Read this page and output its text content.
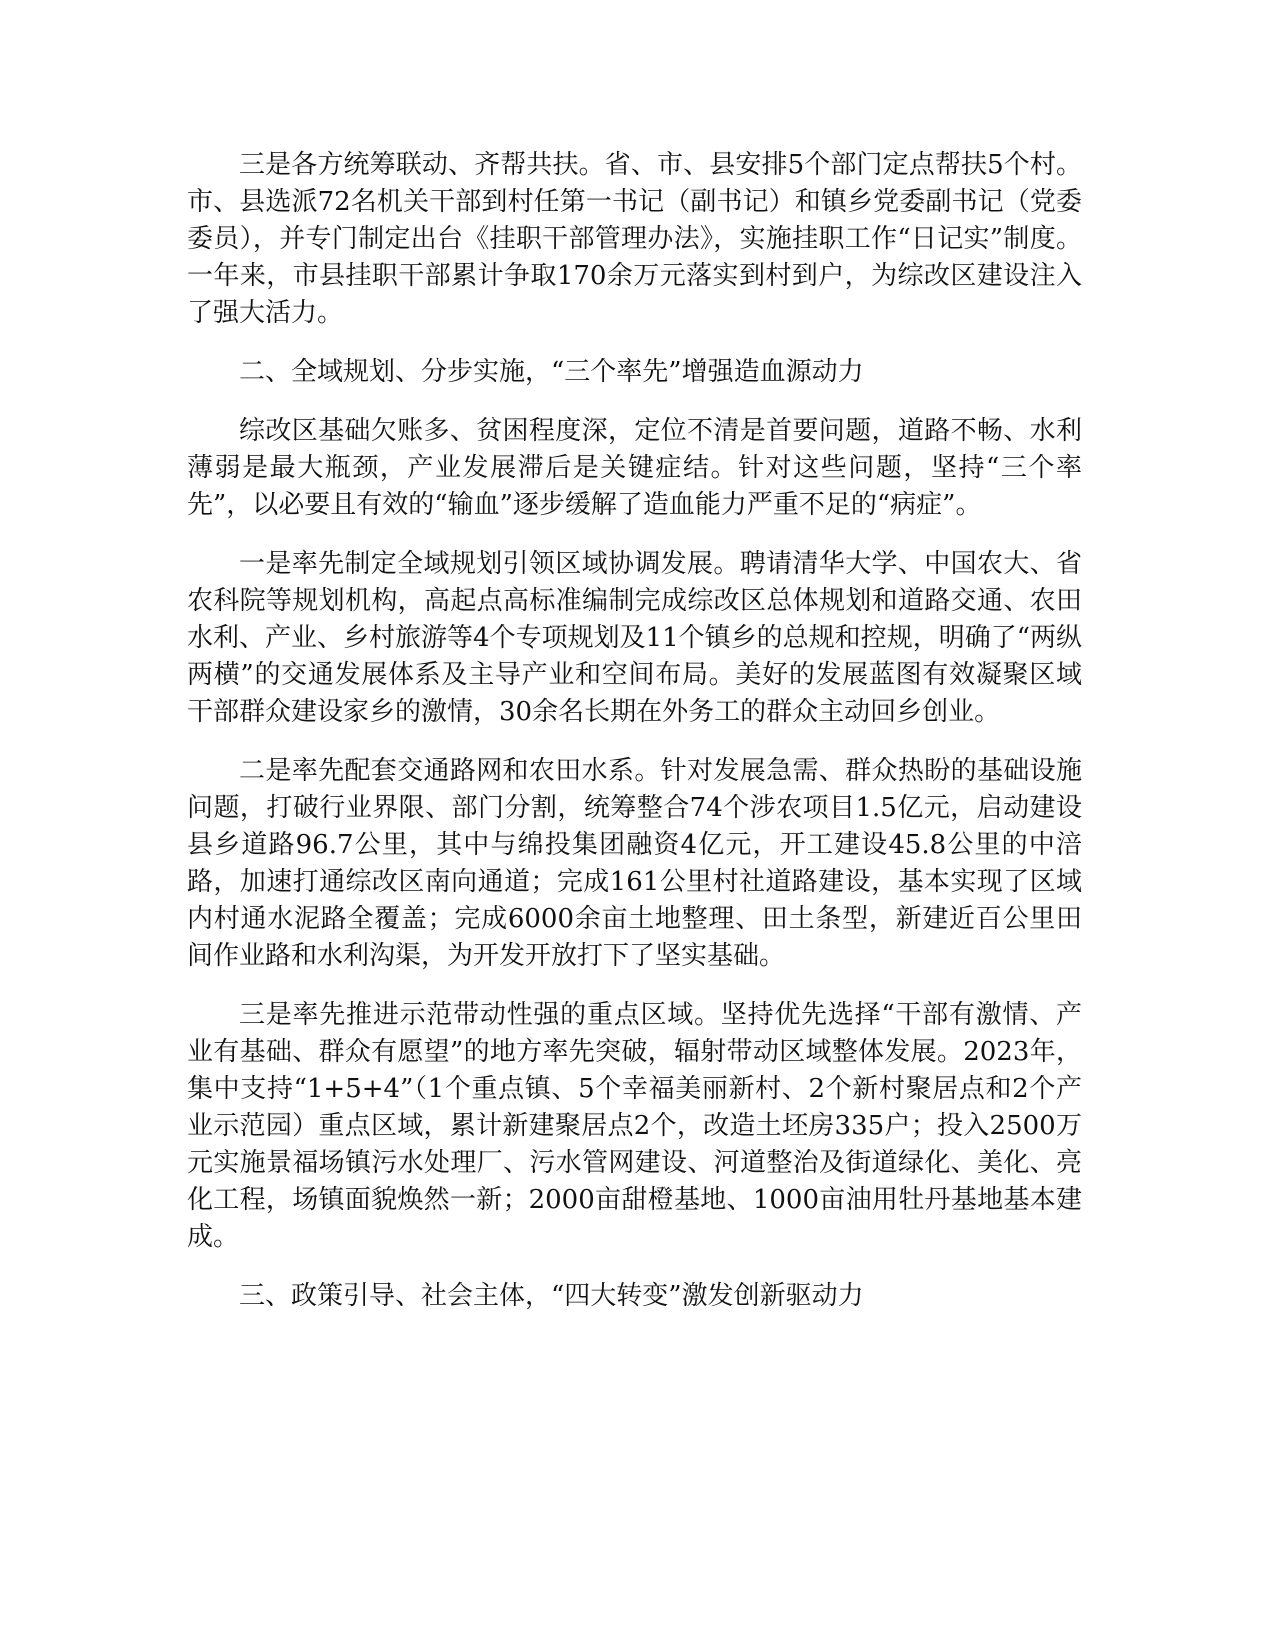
三是各方统筹联动、齐帮共扶。省、市、县安排5个部门定点帮扶5个村。市、县选派72名机关干部到村任第一书记（副书记）和镇乡党委副书记（党委委员），并专门制定出台《挂职干部管理办法》，实施挂职工作“日记实”制度。一年来，市县挂职干部累计争取170余万元落实到村到户，为综改区建设注入了强大活力。

二、全域规划、分步实施，“三个率先”增强造血源动力

综改区基础欠账多、贫困程度深，定位不清是首要问题，道路不畅、水利薄弱是最大瓶颈，产业发展滞后是关键症结。针对这些问题，坚持“三个率先”，以必要且有效的“输血”逐步缓解了造血能力严重不足的“病症”。

一是率先制定全域规划引领区域协调发展。聘请清华大学、中国农大、省农科院等规划机构，高起点高标准编制完成综改区总体规划和道路交通、农田水利、产业、乡村旅游等4个专项规划及11个镇乡的总规和控规，明确了“两纵两横”的交通发展体系及主导产业和空间布局。美好的发展蓝图有效凝聚区域干部群众建设家乡的激情，30余名长期在外务工的群众主动回乡创业。

二是率先配套交通路网和农田水系。针对发展急需、群众热盼的基础设施问题，打破行业界限、部门分割，统筹整合74个涉农项目1.5亿元，启动建设县乡道路96.7公里，其中与绵投集团融资4亿元，开工建设45.8公里的中涪路，加速打通综改区南向通道；完成161公里村社道路建设，基本实现了区域内村通水泥路全覆盖；完成6000余亩土地整理、田土条型，新建近百公里田间作业路和水利沟渠，为开发开放打下了坚实基础。

三是率先推进示范带动性强的重点区域。坚持优先选择“干部有激情、产业有基础、群众有愿望”的地方率先突破，辐射带动区域整体发展。2023年，集中支持“1+5+4”（1个重点镇、5个幸福美丽新村、2个新村聚居点和2个产业示范园）重点区域，累计新建聚居点2个，改造土坯房335户；投入2500万元实施景福场镇污水处理厂、污水管网建设、河道整治及街道绿化、美化、亮化工程，场镇面貌焕然一新；2000亩甜橙基地、1000亩油用牡丹基地基本建成。

三、政策引导、社会主体，“四大转变”激发创新驱动力
